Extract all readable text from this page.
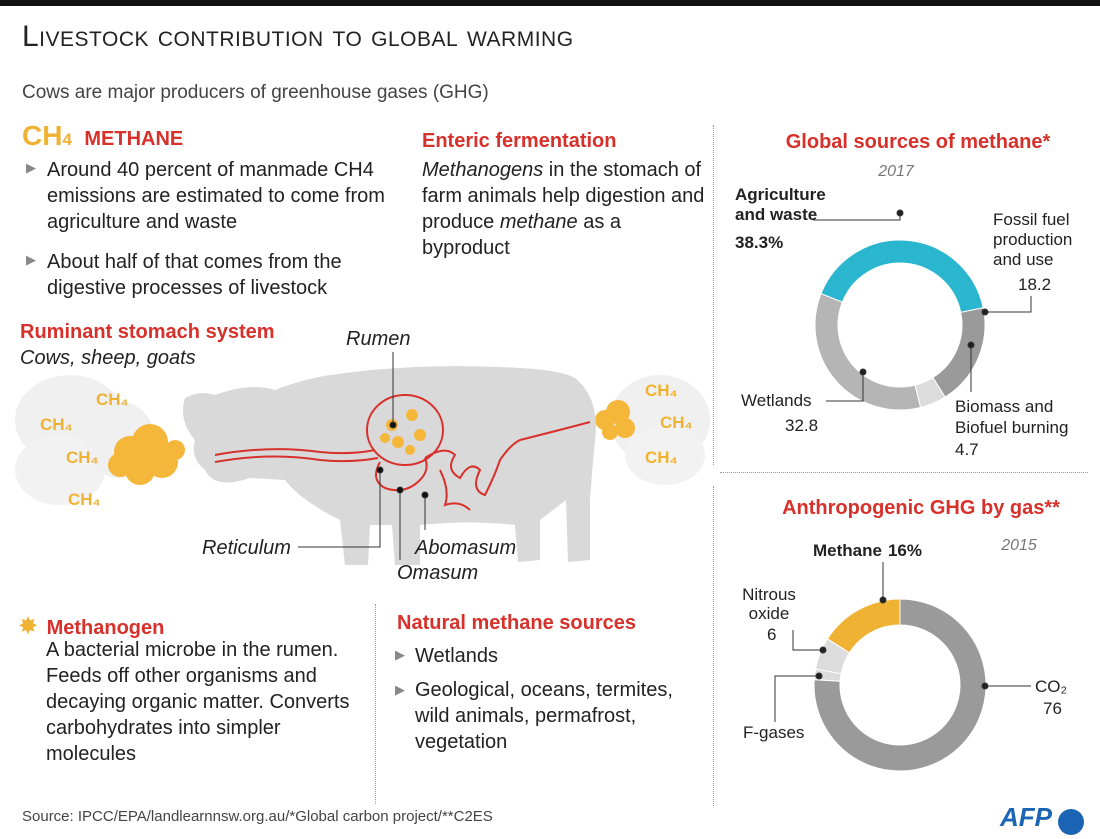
Livestock contribution to global warming
Cows are major producers of greenhouse gases (GHG)
CH4 METHANE
▶ Around 40 percent of manmade CH4 emissions are estimated to come from agriculture and waste
▶ About half of that comes from the digestive processes of livestock
Enteric fermentation
Methanogens in the stomach of farm animals help digestion and produce methane as a byproduct
Ruminant stomach system
Cows, sheep, goats
CH₄
CH₄
CH₄
CH₄
CH₄
CH₄
CH₄
Rumen
Reticulum	Abomasum
Omasum
✸ Methanogen
A bacterial microbe in the rumen. Feeds off other organisms and decaying organic matter. Converts carbohydrates into simpler molecules
Natural methane sources
▶ Wetlands
▶ Geological, oceans, termites, wild animals, permafrost, vegetation
Global sources of methane*
2017
Agriculture and waste
38.3%
Fossil fuel production and use
18.2
Wetlands
32.8
Biomass and Biofuel burning
4.7
Anthropogenic GHG by gas**
2015
Methane 16%
Nitrous oxide
6
F-gases
CO₂
76
Source: IPCC/EPA/landlearnnsw.org.au/*Global carbon project/**C2ES	AFP
